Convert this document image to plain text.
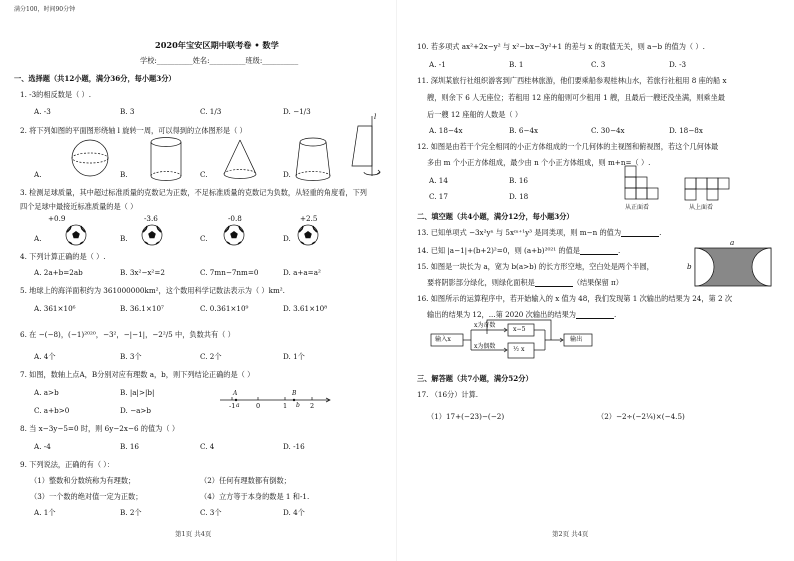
满分100，时间90分钟
2020年宝安区期中联考卷 • 数学
学校:__________姓名:__________班级:__________
一、选择题（共12小题，满分36分，每小题3分）
1. -3的相反数是（ ）.
A. -3	B. 3	C. 1/3	D. −1/3
2. 将下列如图的平面图形绕轴 l 旋转一周，可以得到的立体图形是（ ）
A.	B.	C.	D.
l
3. 检测足球质量，其中超过标准质量的克数记为正数，不足标准质量的克数记为负数，从轻重的角度看，下列
四个足球中最接近标准质量的是（ ）
+0.9	-3.6	-0.8	+2.5
A.	B.	C.	D.
4. 下列计算正确的是（ ）.
A. 2a+b=2ab	B. 3x²−x²=2	C. 7mn−7nm=0	D. a+a=a²
5. 地球上的海洋面积约为 361000000km²，这个数用科学记数法表示为（ ）km².
A. 361×10⁶	B. 36.1×10⁷	C. 0.361×10⁹	D. 3.61×10⁸
6. 在 −(−8)，(−1)²⁰²⁰，−3²，−|−1|，−2²/5 中，负数共有（ ）
A. 4个	B. 3个	C. 2个	D. 1个
7. 如图，数轴上点A，B分别对应有理数 a，b，则下列结论正确的是（ ）
A. a>b	B. |a|>|b|
C. a+b>0	D. −a>b	-1	0	1	2
A	B
a	b
8. 当 x−3y−5=0 时，则 6y−2x−6 的值为（ ）
A. -4	B. 16	C. 4	D. -16
9. 下列说法，正确的有（ ）：
（1）整数和分数统称为有理数；	（2）任何有理数都有倒数；
（3）一个数的绝对值一定为正数；	（4）立方等于本身的数是 1 和-1.
A. 1个	B. 2个	C. 3个	D. 4个
第1页 共4页
10. 若多项式 ax²+2x−y² 与 x²−bx−3y²+1 的差与 x 的取值无关，则 a−b 的值为（ ）.
A. -1	B. 1	C. 3	D. -3
11. 深圳某旅行社组织游客到广西桂林旅游，他们要乘船参观桂林山水，若旅行社租用 8 座的船 x
艘，则余下 6 人无座位；若租用 12 座的船则可少租用 1 艘，且最后一艘还没坐满，则乘坐最
后一艘 12 座船的人数是（ ）
A. 18−4x	B. 6−4x	C. 30−4x	D. 18−8x
12. 如图是由若干个完全相同的小正方体组成的一个几何体的主视图和俯视图，若这个几何体最
多由 m 个小正方体组成，最少由 n 个小正方体组成，则 m+n=（ ）.
A. 14	B. 16
C. 17	D. 18
从正面看	从上面看
二、填空题（共4小题，满分12分，每小题3分）
13. 已知单项式 −3x²yⁿ 与 5xᵐ⁺¹y³ 是同类项，则 m−n 的值为	.
14. 已知 |a−1|+(b+2)²=0，则 (a+b)²⁰²¹ 的值是	.
15. 如图是一块长为 a，宽为 b(a>b) 的长方形空地，空白处是两个半圆，
要将阴影部分绿化，则绿化面积是	（结果保留 π）
a
b
16. 如图所示的运算程序中，若开始输入的 x 值为 48，我们发现第 1 次输出的结果为 24，第 2 次
输出的结果为 12，...第 2020 次输出的结果为	.
输入x
x为奇数
x为偶数
x−5
½ x
输出
三、解答题（共7小题，满分52分）
17. （16分）计算.
（1）17+(−23)−(−2)	（2）−2÷(−2¼)×(−4.5)
第2页 共4页
